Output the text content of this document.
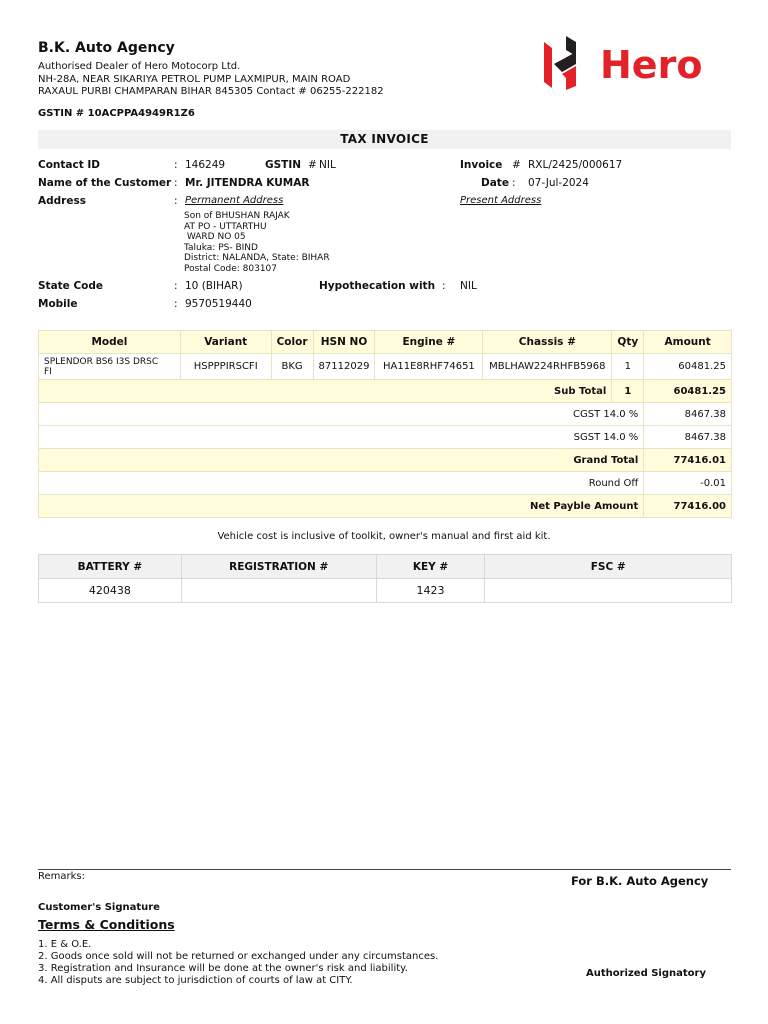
B.K. Auto Agency
Authorised Dealer of Hero Motocorp Ltd.
NH-28A, NEAR SIKARIYA PETROL PUMP LAXMIPUR, MAIN ROAD
RAXAUL PURBI CHAMPARAN BIHAR 845305 Contact # 06255-222182
GSTIN # 10ACPPA4949R1Z6
Hero
TAX INVOICE
Contact ID	: 146249	GSTIN # NIL	Invoice # RXL/2425/000617
Name of the Customer : Mr. JITENDRA KUMAR	Date : 07-Jul-2024
Address	: Permanent Address	Present Address
Son of BHUSHAN RAJAK
AT PO - UTTARTHU
WARD NO 05
Taluka: PS- BIND
District: NALANDA, State: BIHAR
Postal Code: 803107
State Code	: 10 (BIHAR)	Hypothecation with : NIL
Mobile	: 9570519440
Model	Variant	Color	HSN NO	Engine #	Chassis #	Qty	Amount
SPLENDOR BS6 I3S DRSC FI	HSPPPIRSCFI	BKG	87112029	HA11E8RHF74651	MBLHAW224RHFB5968	1	60481.25
Sub Total						1	60481.25
CGST 14.0 %							8467.38
SGST 14.0 %							8467.38
Grand Total							77416.01
Round Off							-0.01
Net Payble Amount							77416.00
Vehicle cost is inclusive of toolkit, owner's manual and first aid kit.
BATTERY #	REGISTRATION #	KEY #	FSC #
420438		1423	
Remarks:	For B.K. Auto Agency
Customer's Signature
Terms & Conditions
1. E & O.E.
2. Goods once sold will not be returned or exchanged under any circumstances.
3. Registration and Insurance will be done at the owner's risk and liability.
4. All disputs are subject to jurisdiction of courts of law at CITY.
Authorized Signatory
